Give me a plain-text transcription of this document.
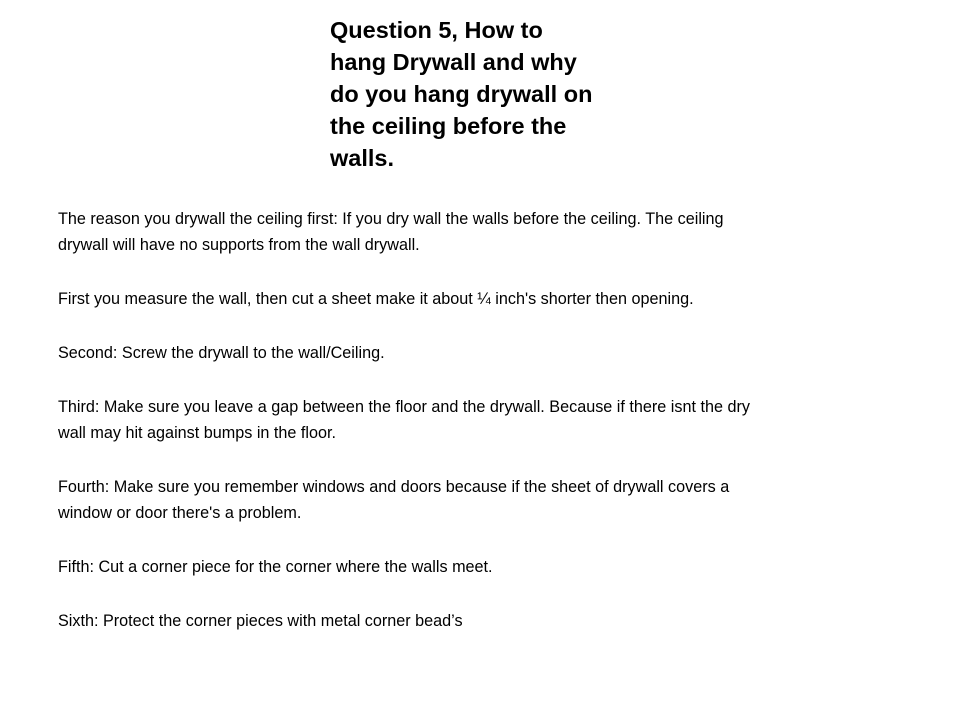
Question 5, How to
hang Drywall and why
do you hang drywall on
the ceiling before the
walls.

The reason you drywall the ceiling first: If you dry wall the walls before the ceiling. The ceiling
drywall will have no supports from the wall drywall.

First you measure the wall, then cut a sheet make it about ¼ inch's shorter then opening.

Second: Screw the drywall to the wall/Ceiling.

Third: Make sure you leave a gap between the floor and the drywall. Because if there isnt the dry
wall may hit against bumps in the floor.

Fourth: Make sure you remember windows and doors because if the sheet of drywall covers a
window or door there's a problem.

Fifth: Cut a corner piece for the corner where the walls meet.

Sixth: Protect the corner pieces with metal corner bead’s
